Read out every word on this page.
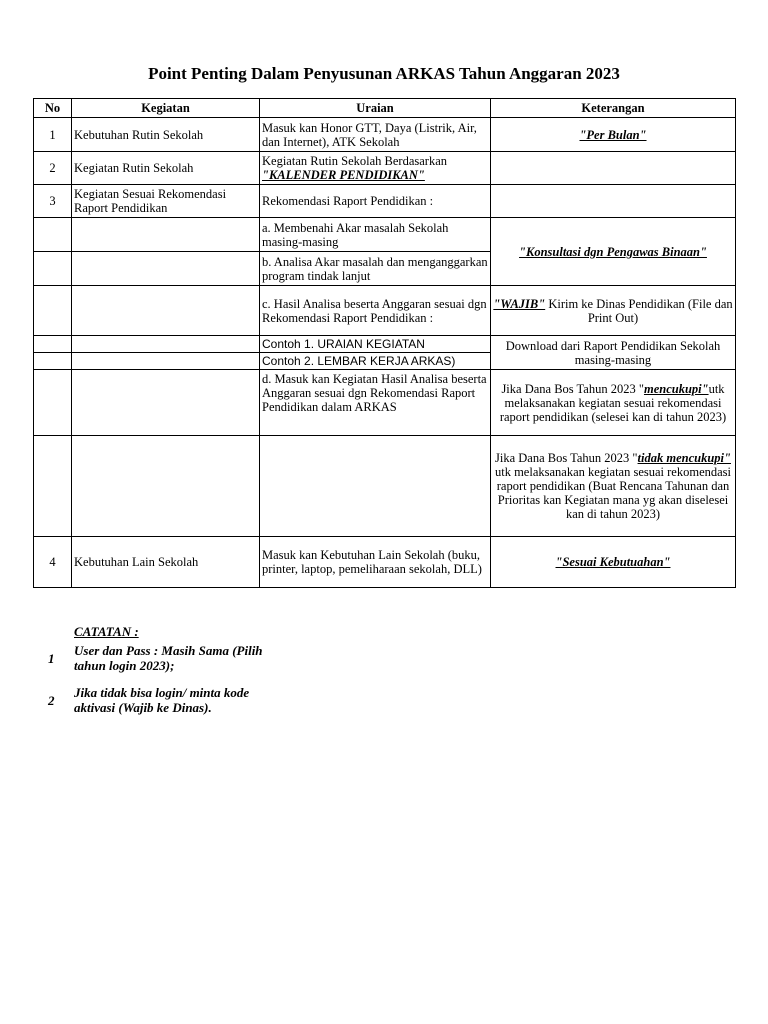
Point Penting Dalam Penyusunan ARKAS Tahun Anggaran 2023
No	Kegiatan	Uraian	Keterangan
1	Kebutuhan Rutin Sekolah	Masuk kan Honor GTT, Daya (Listrik, Air, dan Internet), ATK Sekolah	"Per Bulan"
2	Kegiatan Rutin Sekolah	Kegiatan Rutin Sekolah Berdasarkan
"KALENDER PENDIDIKAN"	
3	Kegiatan Sesuai Rekomendasi Raport Pendidikan	Rekomendasi Raport Pendidikan :	
		a. Membenahi Akar masalah Sekolah masing-masing	"Konsultasi dgn Pengawas Binaan"
		b. Analisa Akar masalah dan menganggarkan program tindak lanjut	
		c. Hasil Analisa beserta Anggaran sesuai dgn Rekomendasi Raport Pendidikan :	"WAJIB" Kirim ke Dinas Pendidikan (File dan Print Out)
		Contoh 1. URAIAN KEGIATAN	Download dari Raport Pendidikan Sekolah masing-masing
		Contoh 2. LEMBAR KERJA ARKAS)	
		d. Masuk kan Kegiatan Hasil Analisa beserta Anggaran sesuai dgn Rekomendasi Raport Pendidikan dalam ARKAS	Jika Dana Bos Tahun 2023 "mencukupi"utk melaksanakan kegiatan sesuai rekomendasi raport pendidikan (selesei kan di tahun 2023)
			Jika Dana Bos Tahun 2023 "tidak mencukupi" utk melaksanakan kegiatan sesuai rekomendasi raport pendidikan (Buat Rencana Tahunan dan Prioritas kan Kegiatan mana yg akan diselesei kan di tahun 2023)
4	Kebutuhan Lain Sekolah	Masuk kan Kebutuhan Lain Sekolah (buku, printer, laptop, pemeliharaan sekolah, DLL)	"Sesuai Kebutuahan"
CATATAN :
1	User dan Pass : Masih Sama (Pilih tahun login 2023);
2	Jika tidak bisa login/ minta kode aktivasi (Wajib ke Dinas).
